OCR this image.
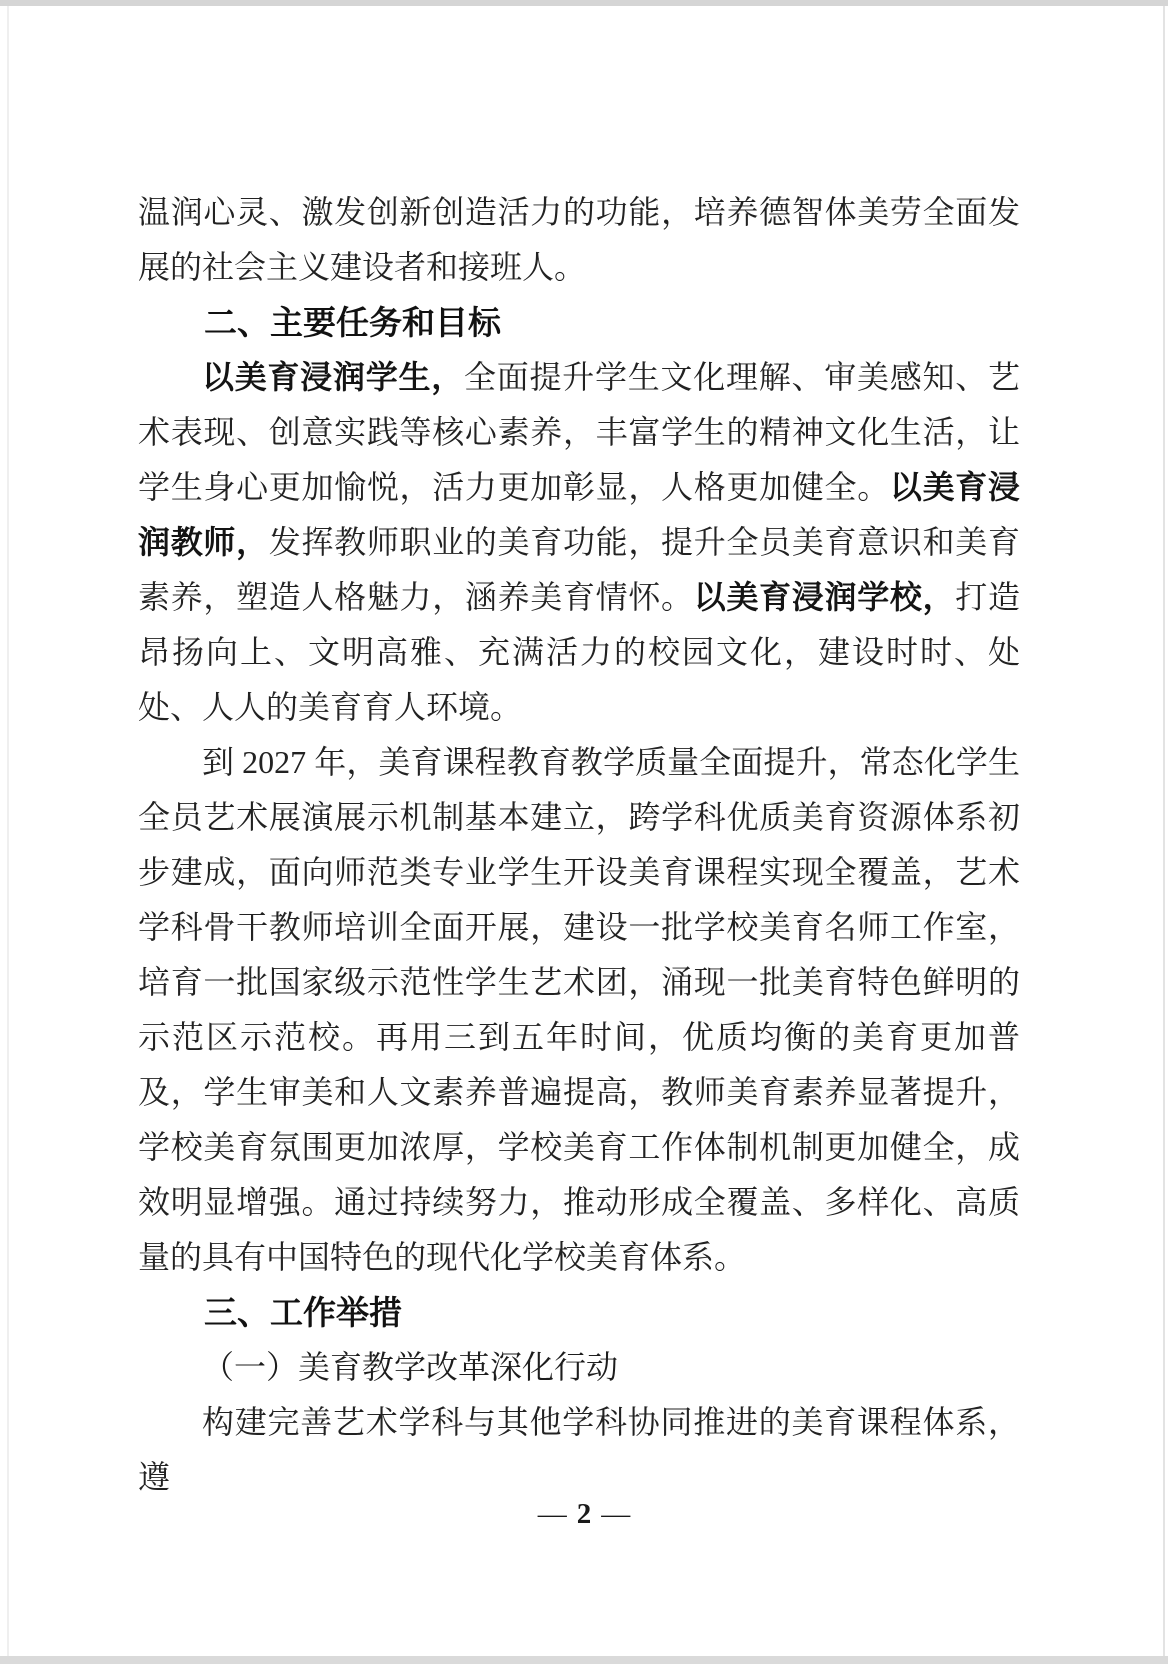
温润心灵、激发创新创造活力的功能，培养德智体美劳全面发展的社会主义建设者和接班人。

二、主要任务和目标

以美育浸润学生，全面提升学生文化理解、审美感知、艺术表现、创意实践等核心素养，丰富学生的精神文化生活，让学生身心更加愉悦，活力更加彰显，人格更加健全。以美育浸润教师，发挥教师职业的美育功能，提升全员美育意识和美育素养，塑造人格魅力，涵养美育情怀。以美育浸润学校，打造昂扬向上、文明高雅、充满活力的校园文化，建设时时、处处、人人的美育育人环境。

到 2027 年，美育课程教育教学质量全面提升，常态化学生全员艺术展演展示机制基本建立，跨学科优质美育资源体系初步建成，面向师范类专业学生开设美育课程实现全覆盖，艺术学科骨干教师培训全面开展，建设一批学校美育名师工作室，培育一批国家级示范性学生艺术团，涌现一批美育特色鲜明的示范区示范校。再用三到五年时间，优质均衡的美育更加普及，学生审美和人文素养普遍提高，教师美育素养显著提升，学校美育氛围更加浓厚，学校美育工作体制机制更加健全，成效明显增强。通过持续努力，推动形成全覆盖、多样化、高质量的具有中国特色的现代化学校美育体系。

三、工作举措

（一）美育教学改革深化行动

构建完善艺术学科与其他学科协同推进的美育课程体系，遵

— 2 —
